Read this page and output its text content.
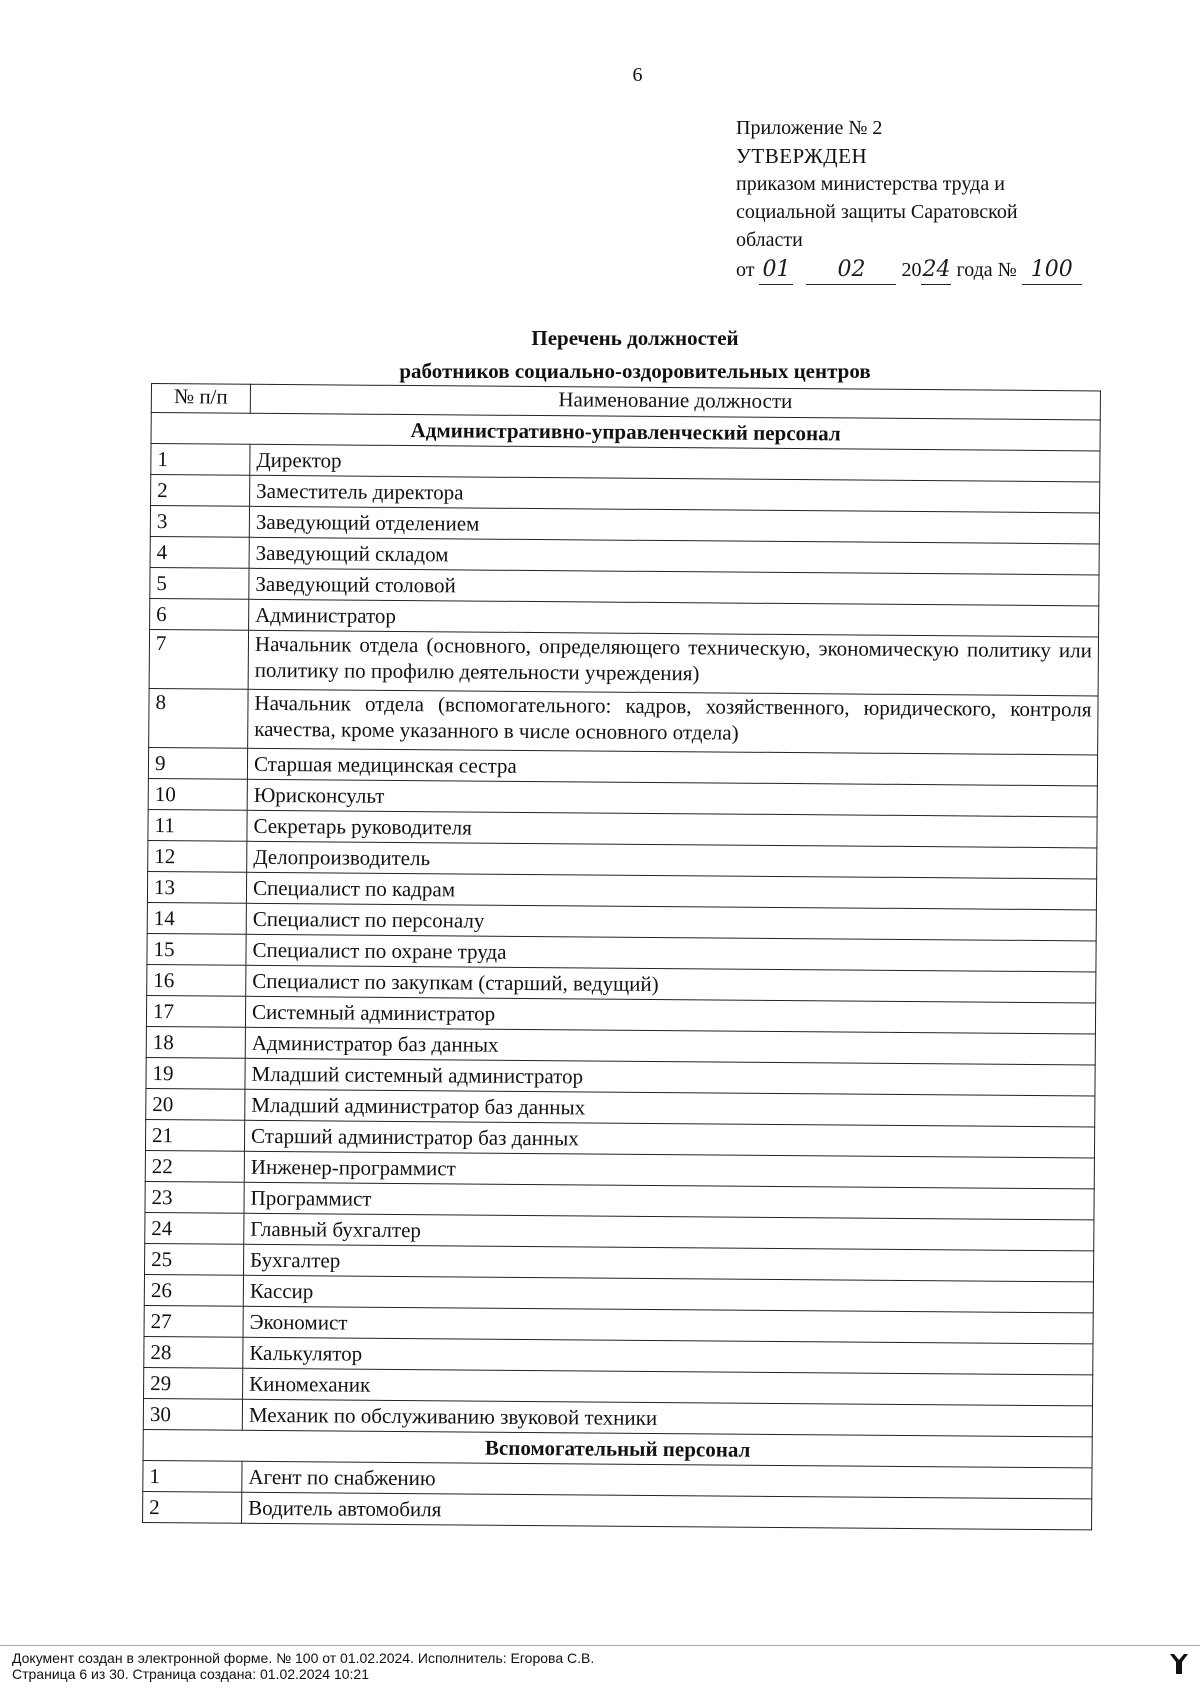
6
Приложение № 2
УТВЕРЖДЕН
приказом министерства труда и
социальной защиты Саратовской
области
от 01 02 2024 года № 100
Перечень должностей
работников социально-оздоровительных центров
№ п/п	Наименование должности
Административно-управленческий персонал	
1	Директор
2	Заместитель директора
3	Заведующий отделением
4	Заведующий складом
5	Заведующий столовой
6	Администратор
7	Начальник отдела (основного, определяющего техническую, экономическую политику или политику по профилю деятельности учреждения)
8	Начальник отдела (вспомогательного: кадров, хозяйственного, юридического, контроля качества, кроме указанного в числе основного отдела)
9	Старшая медицинская сестра
10	Юрисконсульт
11	Секретарь руководителя
12	Делопроизводитель
13	Специалист по кадрам
14	Специалист по персоналу
15	Специалист по охране труда
16	Специалист по закупкам (старший, ведущий)
17	Системный администратор
18	Администратор баз данных
19	Младший системный администратор
20	Младший администратор баз данных
21	Старший администратор баз данных
22	Инженер-программист
23	Программист
24	Главный бухгалтер
25	Бухгалтер
26	Кассир
27	Экономист
28	Калькулятор
29	Киномеханик
30	Механик по обслуживанию звуковой техники
Вспомогательный персонал	
1	Агент по снабжению
2	Водитель автомобиля
Документ создан в электронной форме. № 100 от 01.02.2024. Исполнитель: Егорова С.В.
Страница 6 из 30. Страница создана: 01.02.2024 10:21
